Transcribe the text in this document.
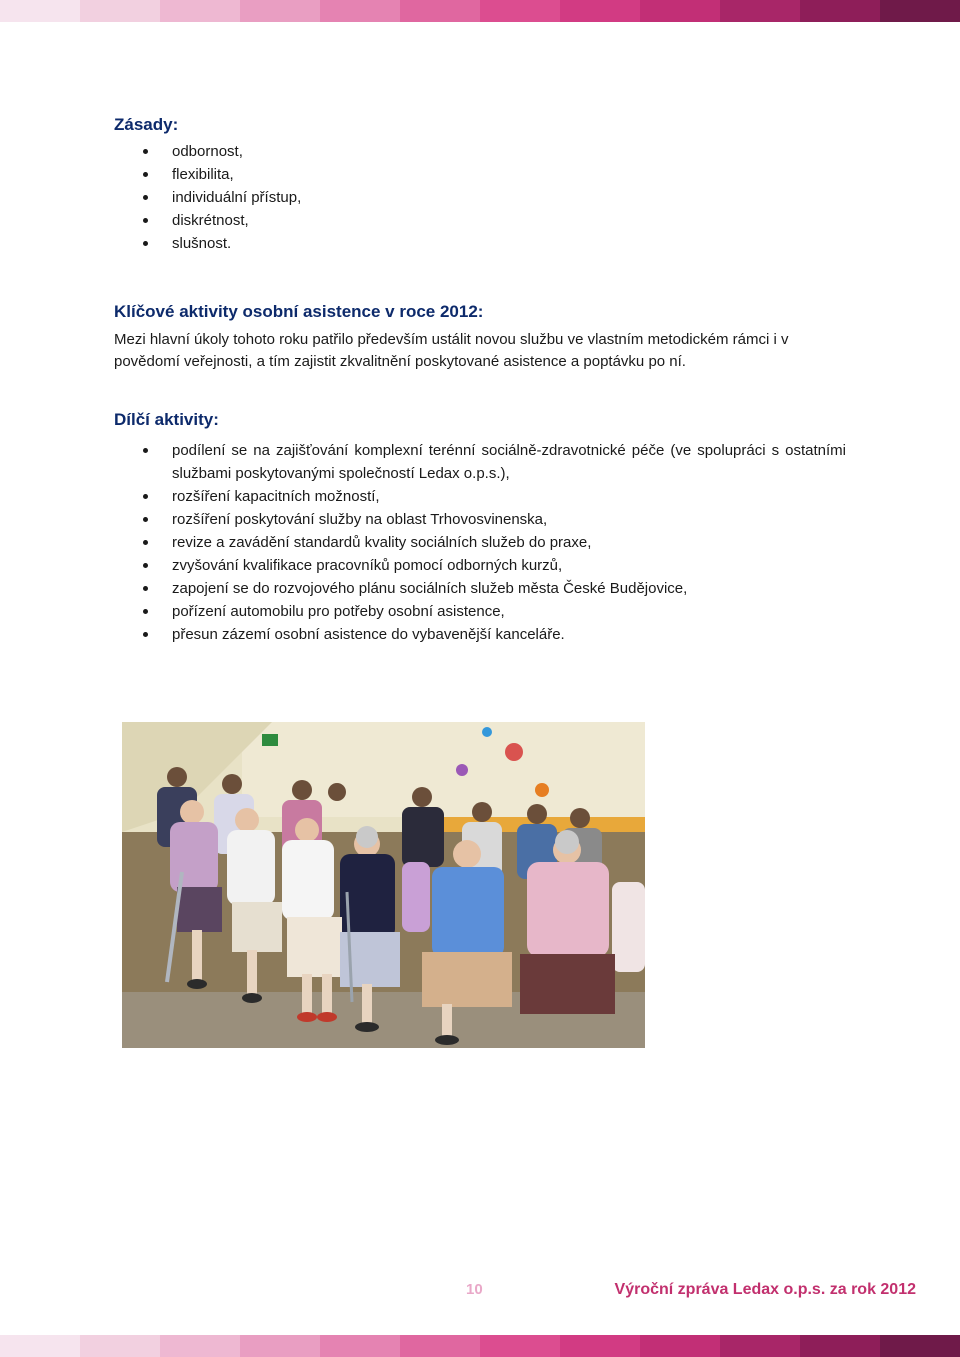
Zásady:
odbornost,
flexibilita,
individuální přístup,
diskrétnost,
slušnost.
Klíčové aktivity osobní asistence v roce 2012:

Mezi hlavní úkoly tohoto roku patřilo především ustálit novou službu ve vlastním metodickém rámci i v povědomí veřejnosti, a tím zajistit zkvalitnění poskytované asistence a poptávku po ní.

Dílčí aktivity:
podílení se na zajišťování komplexní terénní sociálně-zdravotnické péče (ve spolupráci s ostatními službami poskytovanými společností Ledax o.p.s.),
rozšíření kapacitních možností,
rozšíření poskytování služby na oblast Trhovosvinenska,
revize a zavádění standardů kvality sociálních služeb do praxe,
zvyšování kvalifikace pracovníků pomocí odborných kurzů,
zapojení se do rozvojového plánu sociálních služeb města České Budějovice,
pořízení automobilu pro potřeby osobní asistence,
přesun zázemí osobní asistence do vybavenější kanceláře.
10	Výroční zpráva Ledax o.p.s. za rok 2012
